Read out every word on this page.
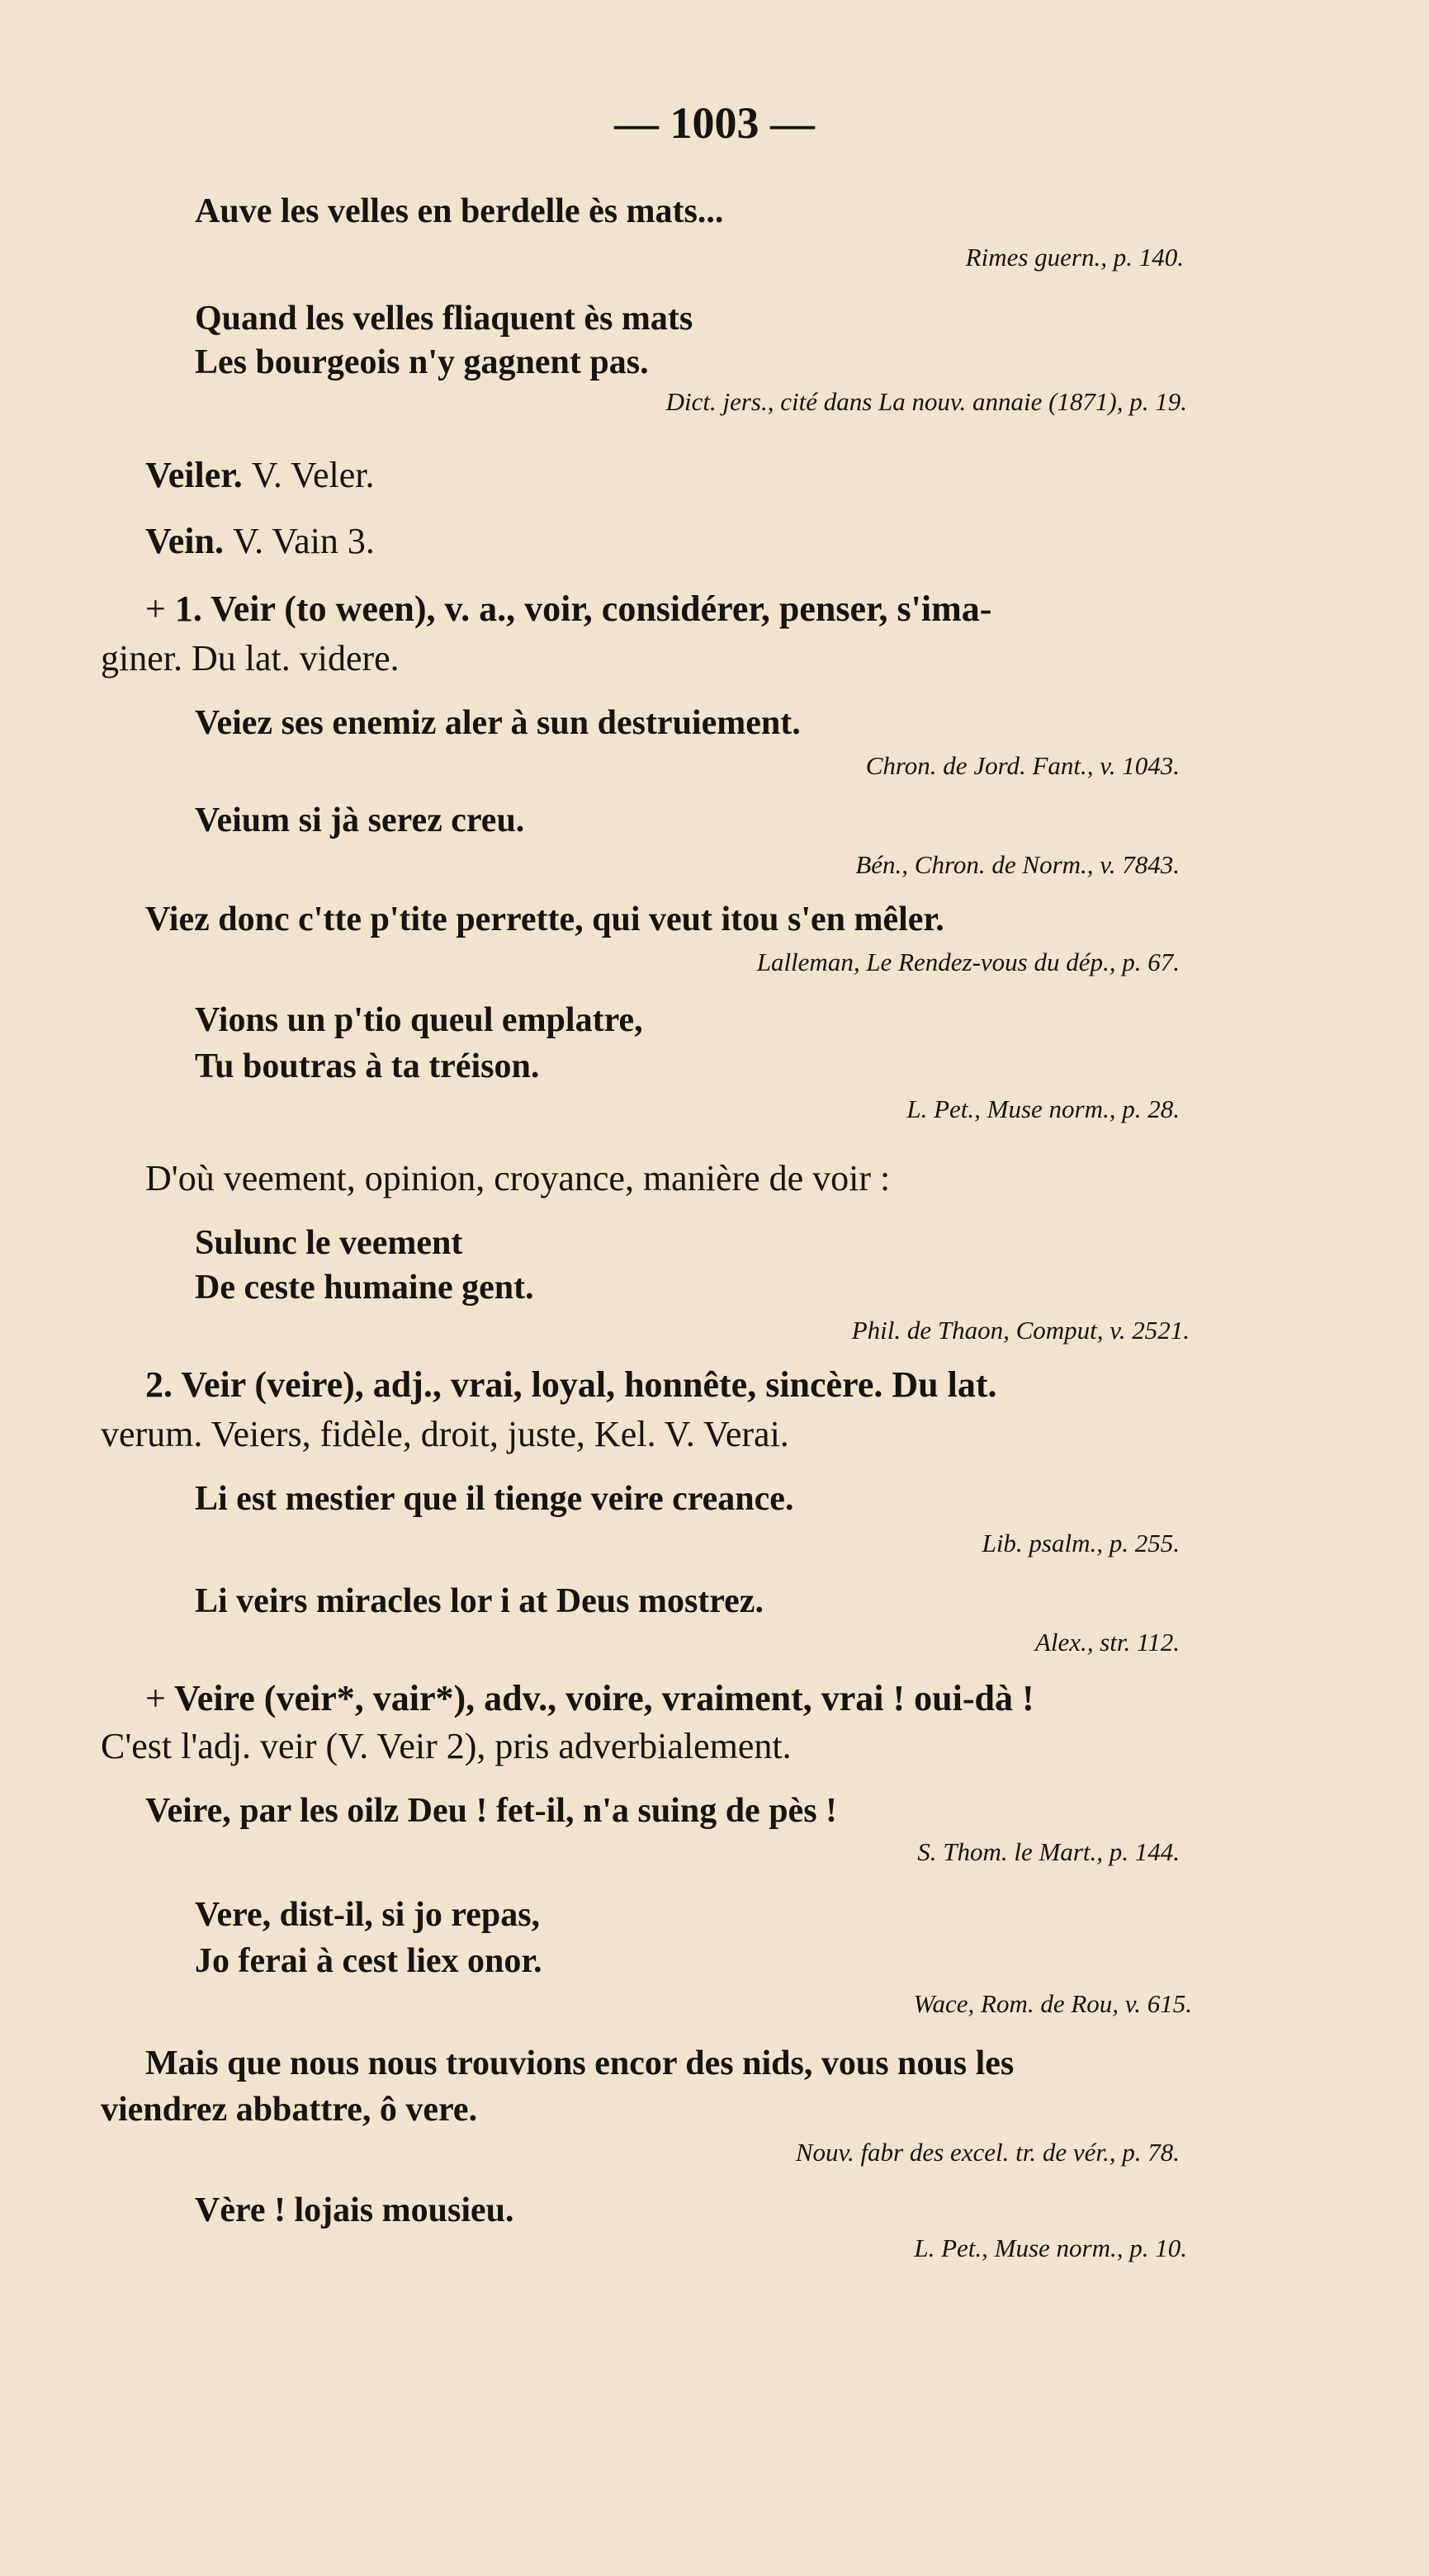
— 1003 —

Auve les velles en berdelle ès mats...

Rimes guern., p. 140.

Quand les velles fliaquent ès mats

Les bourgeois n'y gagnent pas.

Dict. jers., cité dans La nouv. annaie (1871), p. 19.

Veiler. V. Veler.

Vein. V. Vain 3.

+ 1. Veir (to ween), v. a., voir, considérer, penser, s'ima-

giner. Du lat. videre.

Veiez ses enemiz aler à sun destruiement.

Chron. de Jord. Fant., v. 1043.

Veium si jà serez creu.

Bén., Chron. de Norm., v. 7843.

Viez donc c'tte p'tite perrette, qui veut itou s'en mêler.

Lalleman, Le Rendez-vous du dép., p. 67.

Vions un p'tio queul emplatre,

Tu boutras à ta tréison.

L. Pet., Muse norm., p. 28.

D'où veement, opinion, croyance, manière de voir :

Sulunc le veement

De ceste humaine gent.

Phil. de Thaon, Comput, v. 2521.

2. Veir (veire), adj., vrai, loyal, honnête, sincère. Du lat.

verum. Veiers, fidèle, droit, juste, Kel. V. Verai.

Li est mestier que il tienge veire creance.

Lib. psalm., p. 255.

Li veirs miracles lor i at Deus mostrez.

Alex., str. 112.

+ Veire (veir*, vair*), adv., voire, vraiment, vrai ! oui-dà !

C'est l'adj. veir (V. Veir 2), pris adverbialement.

Veire, par les oilz Deu ! fet-il, n'a suing de pès !

S. Thom. le Mart., p. 144.

Vere, dist-il, si jo repas,

Jo ferai à cest liex onor.

Wace, Rom. de Rou, v. 615.

Mais que nous nous trouvions encor des nids, vous nous les

viendrez abbattre, ô vere.

Nouv. fabr des excel. tr. de vér., p. 78.

Vère ! lojais mousieu.

L. Pet., Muse norm., p. 10.
